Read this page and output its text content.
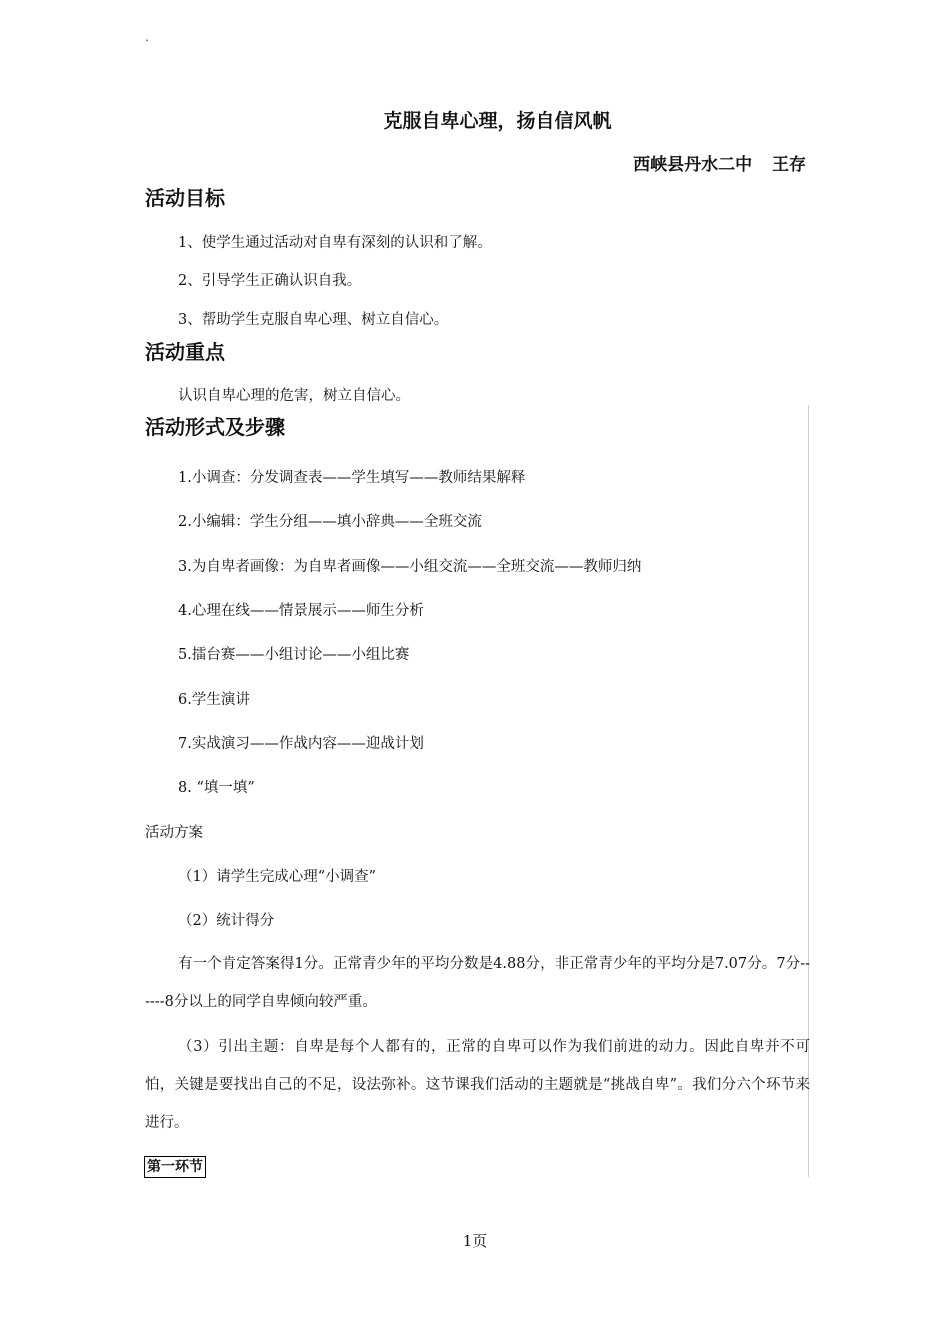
.
克服自卑心理，扬自信风帆
西峡县丹水二中 王存
活动目标
1、使学生通过活动对自卑有深刻的认识和了解。
2、引导学生正确认识自我。
3、帮助学生克服自卑心理、树立自信心。
活动重点
认识自卑心理的危害，树立自信心。
活动形式及步骤
1.小调查：分发调查表——学生填写——教师结果解释
2.小编辑：学生分组——填小辞典——全班交流
3.为自卑者画像：为自卑者画像——小组交流——全班交流——教师归纳
4.心理在线——情景展示——师生分析
5.擂台赛——小组讨论——小组比赛
6.学生演讲
7.实战演习——作战内容——迎战计划
8. “填一填”
活动方案
（1）请学生完成心理“小调查”
（2）统计得分
有一个肯定答案得1分。正常青少年的平均分数是4.88分，非正常青少年的平均分是7.07分。7分------8分以上的同学自卑倾向较严重。
（3）引出主题：自卑是每个人都有的，正常的自卑可以作为我们前进的动力。因此自卑并不可怕，关键是要找出自己的不足，设法弥补。这节课我们活动的主题就是“挑战自卑”。我们分六个环节来进行。
第一环节
1页
